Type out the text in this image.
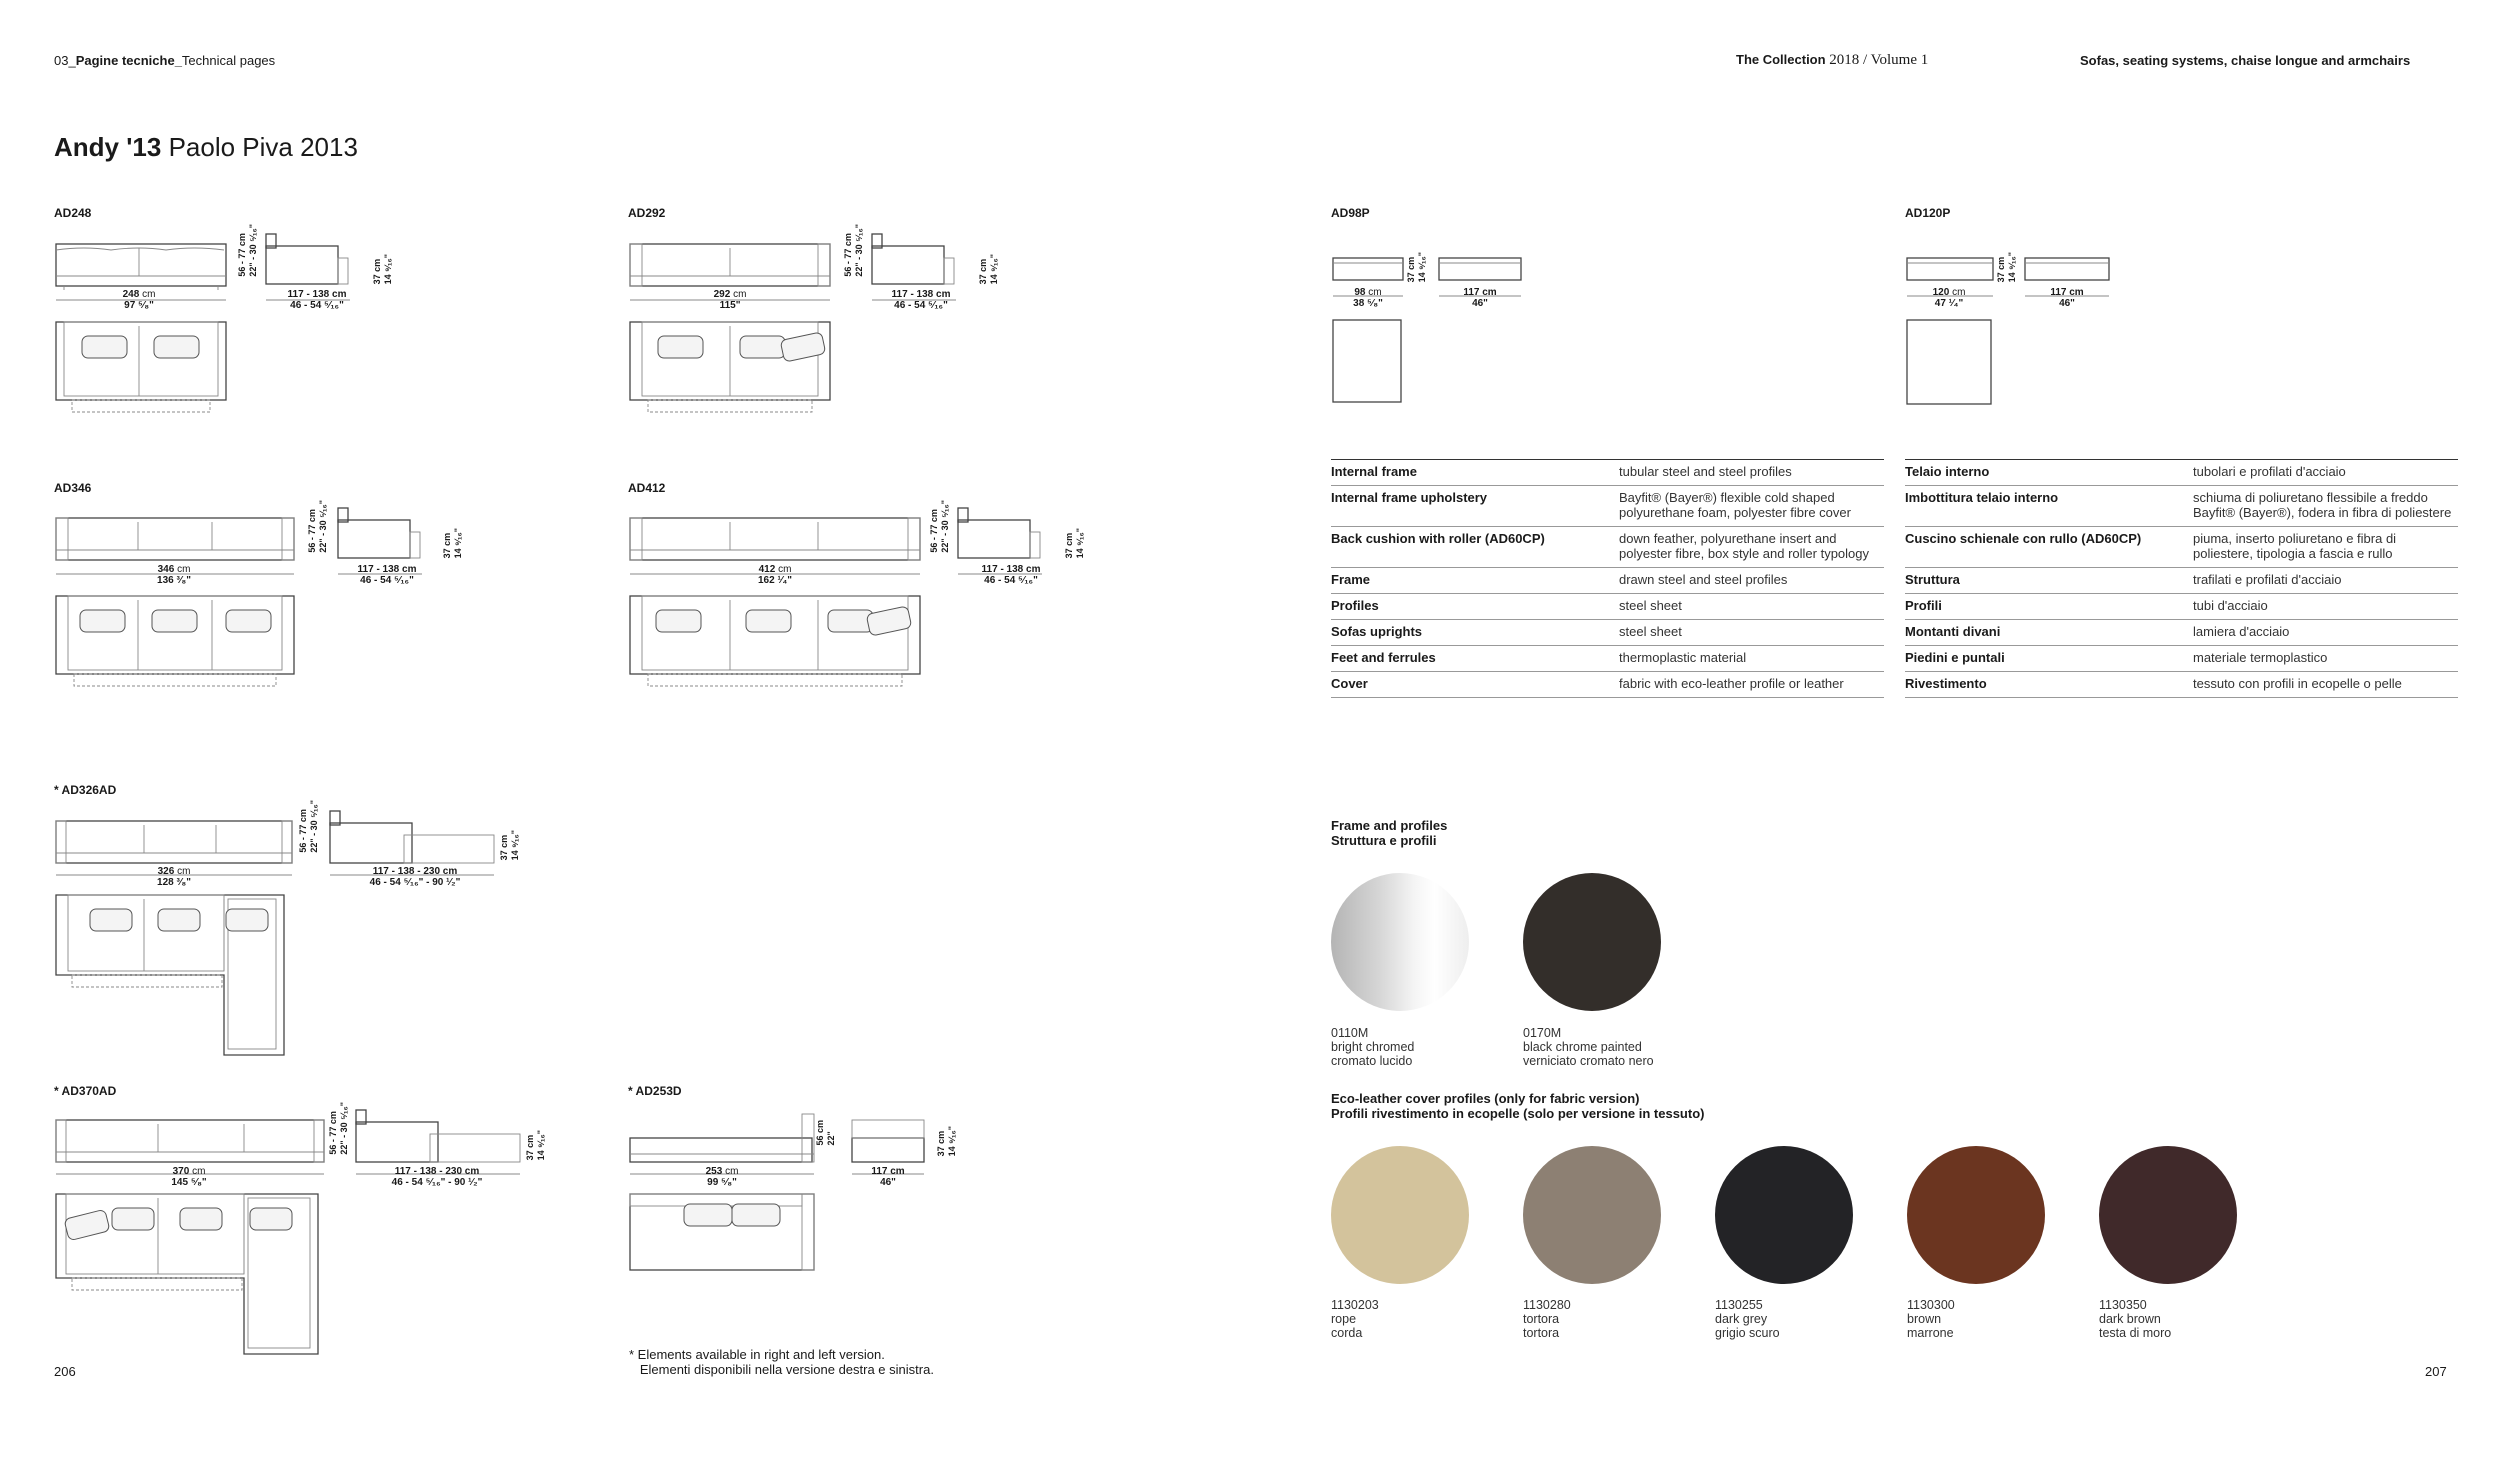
03_Pagine tecniche_Technical pages	The Collection 2018 / Volume 1	Sofas, seating systems, chaise longue and armchairs
Andy '13 Paolo Piva 2013
AD248
56 - 77 cm
22" - 30 ⁵⁄₁₆"	37 cm
14 ⁹⁄₁₆"
248 cm
97 ⁵⁄₈"
117 - 138 cm
46 - 54 ⁵⁄₁₆"
AD292
56 - 77 cm
22" - 30 ⁵⁄₁₆"	37 cm
14 ⁹⁄₁₆"
292 cm
115"
117 - 138 cm
46 - 54 ⁵⁄₁₆"
AD346
56 - 77 cm
22" - 30 ⁵⁄₁₆"	37 cm
14 ⁹⁄₁₆"
346 cm
136 ³⁄₈"
117 - 138 cm
46 - 54 ⁵⁄₁₆"
AD412
56 - 77 cm
22" - 30 ⁵⁄₁₆"	37 cm
14 ⁹⁄₁₆"
412 cm
162 ¹⁄₄"
117 - 138 cm
46 - 54 ⁵⁄₁₆"
* AD326AD
56 - 77 cm
22" - 30 ⁵⁄₁₆"	37 cm
14 ⁹⁄₁₆"
326 cm
128 ³⁄₈"
117 - 138 - 230 cm
46 - 54 ⁵⁄₁₆" - 90 ¹⁄₂"
* AD370AD
56 - 77 cm
22" - 30 ⁵⁄₁₆"	37 cm
14 ⁹⁄₁₆"
370 cm
145 ⁵⁄₈"
117 - 138 - 230 cm
46 - 54 ⁵⁄₁₆" - 90 ¹⁄₂"
* AD253D
56 cm
22"	37 cm
14 ⁹⁄₁₆"
253 cm
99 ⁵⁄₈"
117 cm
46"
* Elements available in right and left version.
Elementi disponibili nella versione destra e sinistra.
206	207
AD98P
37 cm
14 ⁹⁄₁₆"
98 cm
38 ⁵⁄₈"
117 cm
46"
AD120P
37 cm
14 ⁹⁄₁₆"
120 cm
47 ¹⁄₄"
117 cm
46"
Internal frame	tubular steel and steel profiles
Internal frame upholstery	Bayfit® (Bayer®) flexible cold shaped polyurethane foam, polyester fibre cover
Back cushion with roller (AD60CP)	down feather, polyurethane insert and polyester fibre, box style and roller typology
Frame	drawn steel and steel profiles
Profiles	steel sheet
Sofas uprights	steel sheet
Feet and ferrules	thermoplastic material
Cover	fabric with eco-leather profile or leather
Telaio interno	tubolari e profilati d'acciaio
Imbottitura telaio interno	schiuma di poliuretano flessibile a freddo Bayfit® (Bayer®), fodera in fibra di poliestere
Cuscino schienale con rullo (AD60CP)	piuma, inserto poliuretano e fibra di poliestere, tipologia a fascia e rullo
Struttura	trafilati e profilati d'acciaio
Profili	tubi d'acciaio
Montanti divani	lamiera d'acciaio
Piedini e puntali	materiale termoplastico
Rivestimento	tessuto con profili in ecopelle o pelle
Frame and profiles
Struttura e profili
0110M
bright chromed
cromato lucido
0170M
black chrome painted
verniciato cromato nero
Eco-leather cover profiles (only for fabric version)
Profili rivestimento in ecopelle (solo per versione in tessuto)
1130203
rope
corda
1130280
tortora
tortora
1130255
dark grey
grigio scuro
1130300
brown
marrone
1130350
dark brown
testa di moro
